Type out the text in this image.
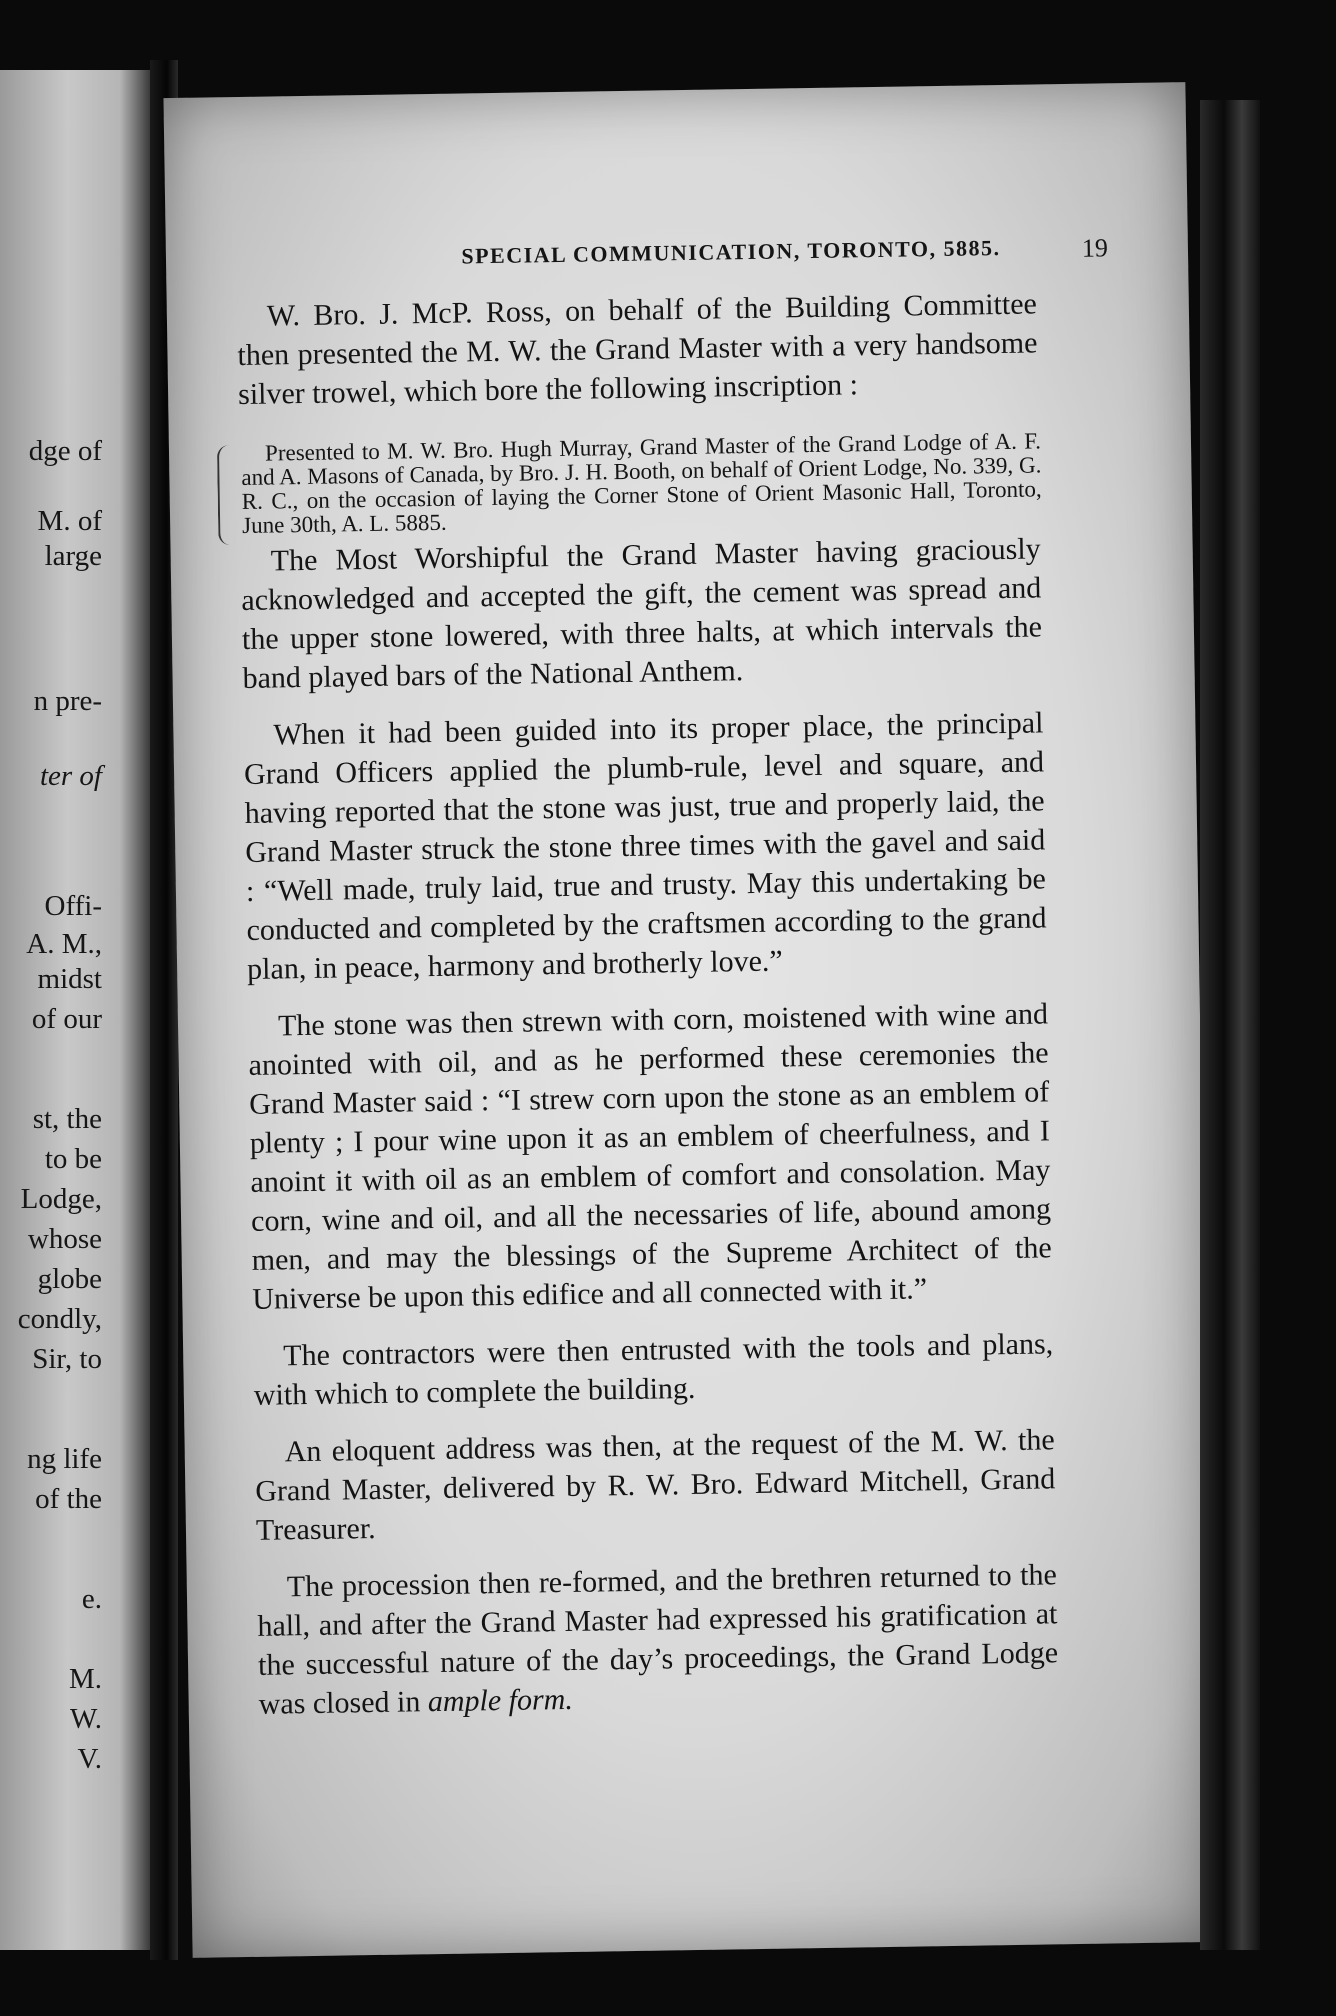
dge of
M. of
large
n pre-
ter of
Offi-
A. M.,
midst
of our
st, the
to be
Lodge,
whose
globe
condly,
Sir, to
ng life
of the
e.
M.
W.
V.
SPECIAL COMMUNICATION, TORONTO, 5885.	19

W. Bro. J. McP. Ross, on behalf of the Building Committee then presented the M. W. the Grand Master with a very handsome silver trowel, which bore the following inscription :

Presented to M. W. Bro. Hugh Murray, Grand Master of the Grand Lodge of A. F. and A. Masons of Canada, by Bro. J. H. Booth, on behalf of Orient Lodge, No. 339, G. R. C., on the occasion of laying the Corner Stone of Orient Masonic Hall, Toronto, June 30th, A. L. 5885.

The Most Worshipful the Grand Master having graciously acknowledged and accepted the gift, the cement was spread and the upper stone lowered, with three halts, at which intervals the band played bars of the National Anthem.

When it had been guided into its proper place, the principal Grand Officers applied the plumb-rule, level and square, and having reported that the stone was just, true and properly laid, the Grand Master struck the stone three times with the gavel and said : “Well made, truly laid, true and trusty. May this undertaking be conducted and completed by the craftsmen according to the grand plan, in peace, harmony and brotherly love.”

The stone was then strewn with corn, moistened with wine and anointed with oil, and as he performed these ceremonies the Grand Master said : “I strew corn upon the stone as an emblem of plenty ; I pour wine upon it as an emblem of cheerfulness, and I anoint it with oil as an emblem of comfort and consolation. May corn, wine and oil, and all the necessaries of life, abound among men, and may the blessings of the Supreme Architect of the Universe be upon this edifice and all connected with it.”

The contractors were then entrusted with the tools and plans, with which to complete the building.

An eloquent address was then, at the request of the M. W. the Grand Master, delivered by R. W. Bro. Edward Mitchell, Grand Treasurer.

The procession then re-formed, and the brethren returned to the hall, and after the Grand Master had expressed his gratification at the successful nature of the day’s proceedings, the Grand Lodge was closed in ample form.
